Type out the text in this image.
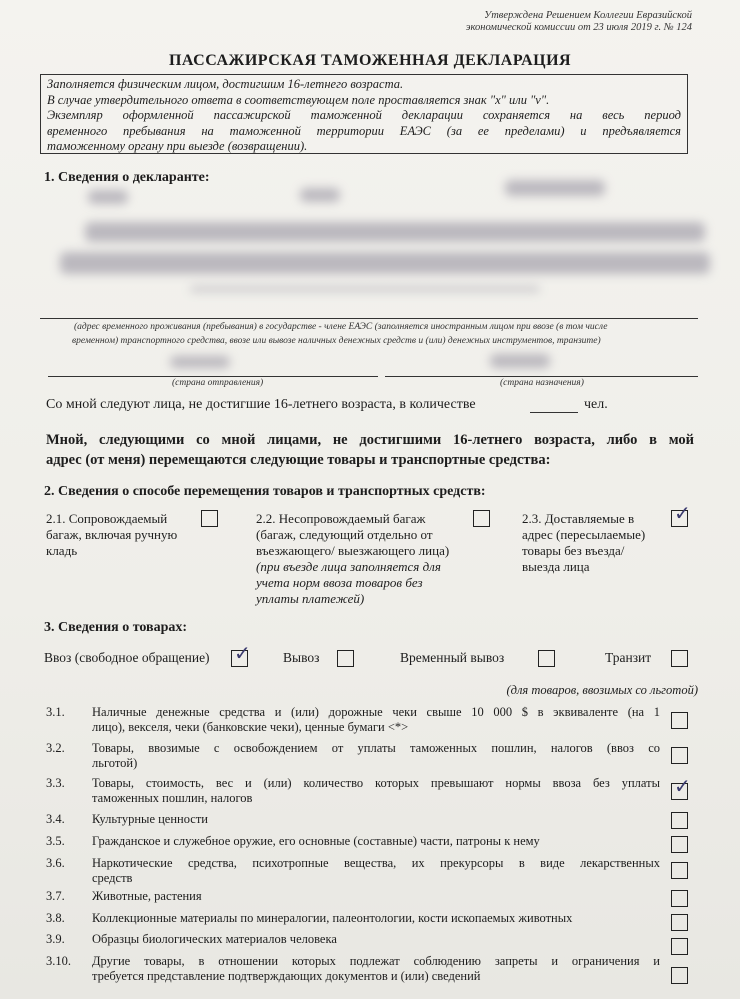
Утверждена Решением Коллегии Евразийской
экономической комиссии от 23 июля 2019 г. № 124
ПАССАЖИРСКАЯ ТАМОЖЕННАЯ ДЕКЛАРАЦИЯ

Заполняется физическим лицом, достигшим 16-летнего возраста.

В случае утвердительного ответа в соответствующем поле проставляется знак "x" или "v".

Экземпляр оформленной пассажирской таможенной декларации сохраняется на весь период

временного пребывания на таможенной территории ЕАЭС (за ее пределами) и предъявляется

таможенному органу при выезде (возвращении).

1. Сведения о декларанте:
(адрес временного проживания (пребывания) в государстве - члене ЕАЭС (заполняется иностранным лицом при ввозе (в том числе
временном) транспортного средства, ввозе или вывозе наличных денежных средств и (или) денежных инструментов, транзите)
(страна отправления)	(страна назначения)
Со мной следуют лица, не достигшие 16-летнего возраста, в количестве	чел.
Мной, следующими со мной лицами, не достигшими 16-летнего возраста, либо в мой
адрес (от меня) перемещаются следующие товары и транспортные средства:
2. Сведения о способе перемещения товаров и транспортных средств:
2.1. Сопровождаемый
багаж, включая ручную
кладь
2.2. Несопровождаемый багаж
(багаж, следующий отдельно от
въезжающего/ выезжающего лица)
(при въезде лица заполняется для
учета норм ввоза товаров без
уплаты платежей)
2.3. Доставляемые в
адрес (пересылаемые)
товары без въезда/
выезда лица
✓
3. Сведения о товарах:
Ввоз (свободное обращение) ✓ Вывоз	Временный вывоз	Транзит
(для товаров, ввозимых со льготой)
3.1. Наличные денежные средства и (или) дорожные чеки свыше 10 000 $ в эквиваленте (на 1
лицо), векселя, чеки (банковские чеки), ценные бумаги <*>
3.2. Товары, ввозимые с освобождением от уплаты таможенных пошлин, налогов (ввоз со
льготой)
3.3. Товары, стоимость, вес и (или) количество которых превышают нормы ввоза без уплаты
таможенных пошлин, налогов	✓
3.4. Культурные ценности
3.5. Гражданское и служебное оружие, его основные (составные) части, патроны к нему
3.6. Наркотические средства, психотропные вещества, их прекурсоры в виде лекарственных
средств
3.7. Животные, растения
3.8. Коллекционные материалы по минералогии, палеонтологии, кости ископаемых животных
3.9. Образцы биологических материалов человека
3.10. Другие товары, в отношении которых подлежат соблюдению запреты и ограничения и
требуется представление подтверждающих документов и (или) сведений
